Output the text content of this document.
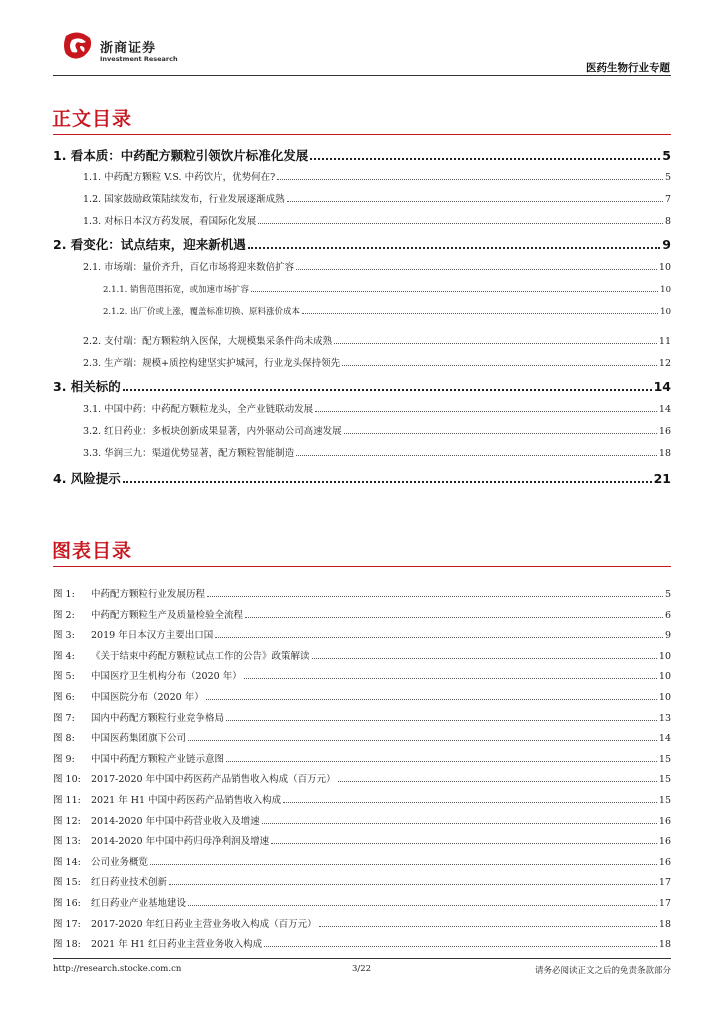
浙商证券
Investment Research
医药生物行业专题
正文目录
1. 看本质：中药配方颗粒引领饮片标准化发展	5
1.1. 中药配方颗粒 V.S. 中药饮片，优势何在?	5
1.2. 国家鼓励政策陆续发布，行业发展逐渐成熟	7
1.3. 对标日本汉方药发展，看国际化发展	8
2. 看变化：试点结束，迎来新机遇	9
2.1. 市场端：量价齐升，百亿市场将迎来数倍扩容	10
2.1.1. 销售范围拓宽，或加速市场扩容	10
2.1.2. 出厂价或上涨，覆盖标准切换、原料涨价成本	10
2.2. 支付端：配方颗粒纳入医保，大规模集采条件尚未成熟	11
2.3. 生产端：规模+质控构建坚实护城河，行业龙头保持领先	12
3. 相关标的	14
3.1. 中国中药：中药配方颗粒龙头，全产业链联动发展	14
3.2. 红日药业：多板块创新成果显著，内外驱动公司高速发展	16
3.3. 华润三九：渠道优势显著，配方颗粒智能制造	18
4. 风险提示	21
图表目录
图 1: 中药配方颗粒行业发展历程	5
图 2: 中药配方颗粒生产及质量检验全流程	6
图 3: 2019 年日本汉方主要出口国	9
图 4: 《关于结束中药配方颗粒试点工作的公告》政策解读	10
图 5: 中国医疗卫生机构分布（2020 年）	10
图 6: 中国医院分布（2020 年）	10
图 7: 国内中药配方颗粒行业竞争格局	13
图 8: 中国医药集团旗下公司	14
图 9: 中国中药配方颗粒产业链示意图	15
图 10: 2017-2020 年中国中药医药产品销售收入构成（百万元）	15
图 11: 2021 年 H1 中国中药医药产品销售收入构成	15
图 12: 2014-2020 年中国中药营业收入及增速	16
图 13: 2014-2020 年中国中药归母净利润及增速	16
图 14: 公司业务概览	16
图 15: 红日药业技术创新	17
图 16: 红日药业产业基地建设	17
图 17: 2017-2020 年红日药业主营业务收入构成（百万元）	18
图 18: 2021 年 H1 红日药业主营业务收入构成	18
http://research.stocke.com.cn	3/22	请务必阅读正文之后的免责条款部分
